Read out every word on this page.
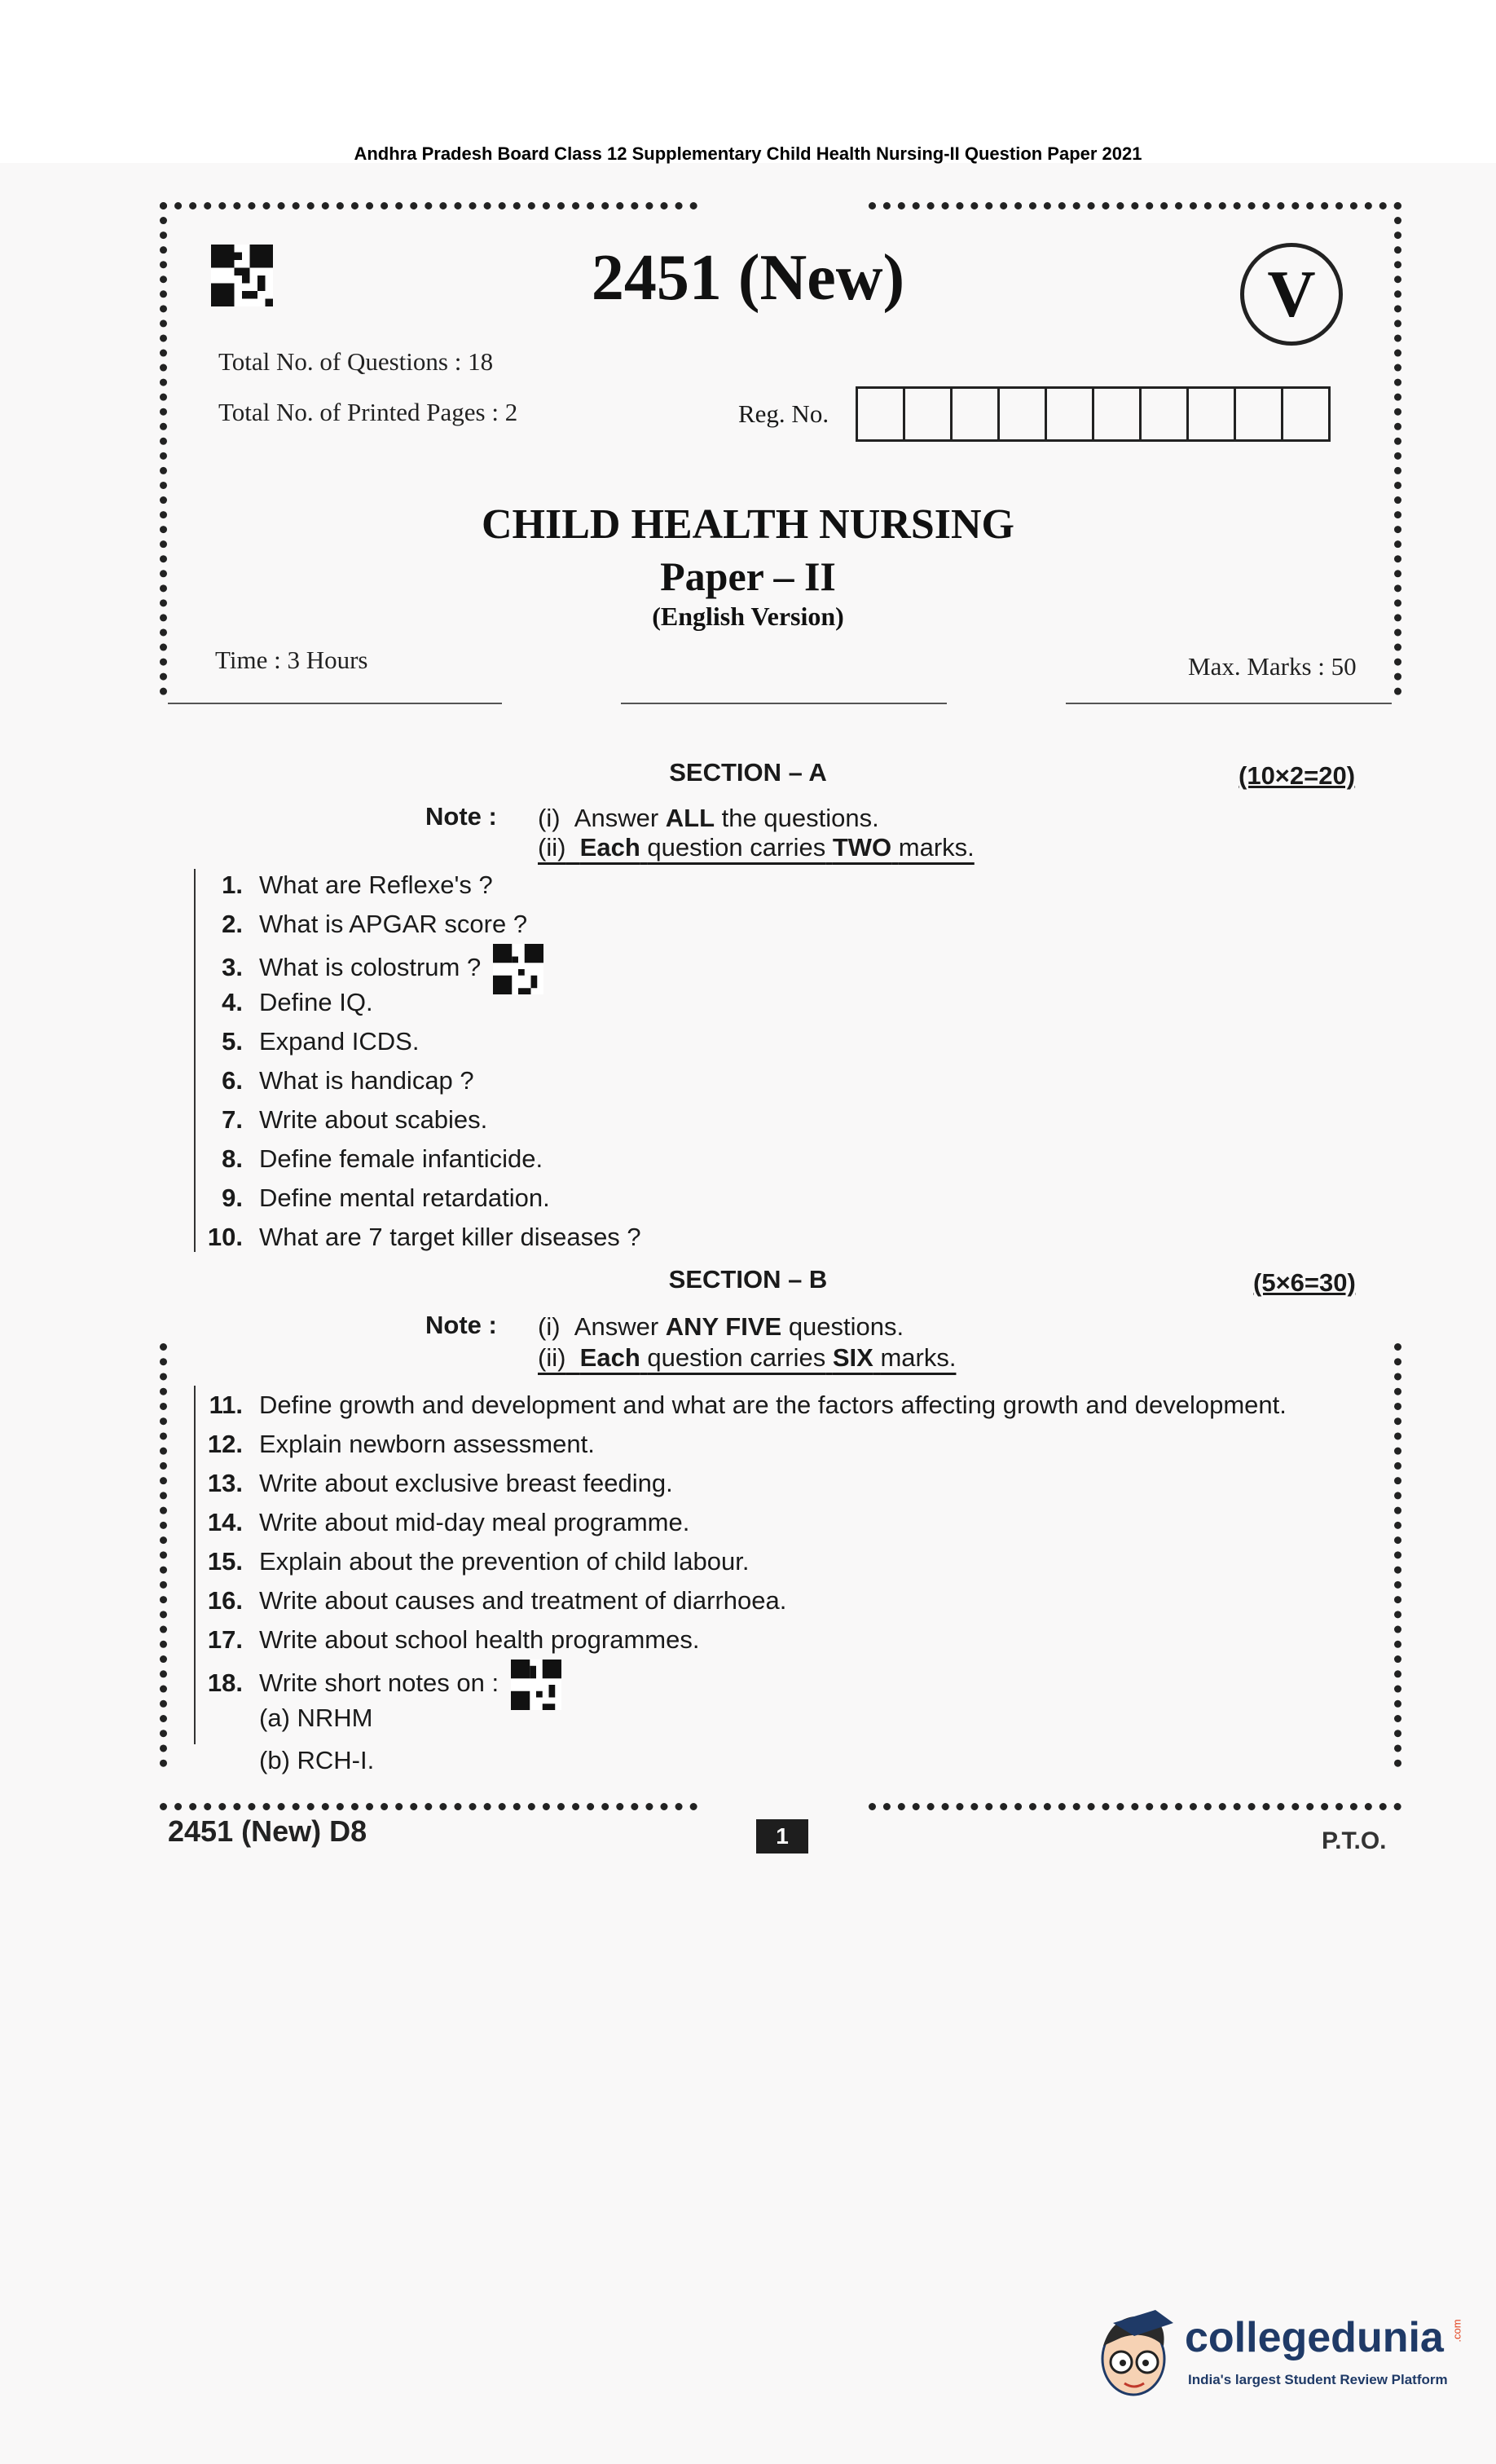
Andhra Pradesh Board Class 12 Supplementary Child Health Nursing-II Question Paper 2021
2451 (New)	V
Total No. of Questions : 18
Total No. of Printed Pages : 2	Reg. No.
CHILD HEALTH NURSING
Paper – II
(English Version)
Time : 3 Hours	Max. Marks : 50
SECTION – A	(10×2=20)
Note : (i) Answer ALL the questions.
(ii) Each question carries TWO marks.
1. What are Reflexe's ?
2. What is APGAR score ?
3. What is colostrum ?
4. Define IQ.
5. Expand ICDS.
6. What is handicap ?
7. Write about scabies.
8. Define female infanticide.
9. Define mental retardation.
10. What are 7 target killer diseases ?
SECTION – B	(5×6=30)
Note : (i) Answer ANY FIVE questions.
(ii) Each question carries SIX marks.
11. Define growth and development and what are the factors affecting growth and development.
12. Explain newborn assessment.
13. Write about exclusive breast feeding.
14. Write about mid-day meal programme.
15. Explain about the prevention of child labour.
16. Write about causes and treatment of diarrhoea.
17. Write about school health programmes.
18. Write short notes on :
(a) NRHM
(b) RCH-I.
2451 (New) D8	1	P.T.O.
collegedunia .com
India's largest Student Review Platform
